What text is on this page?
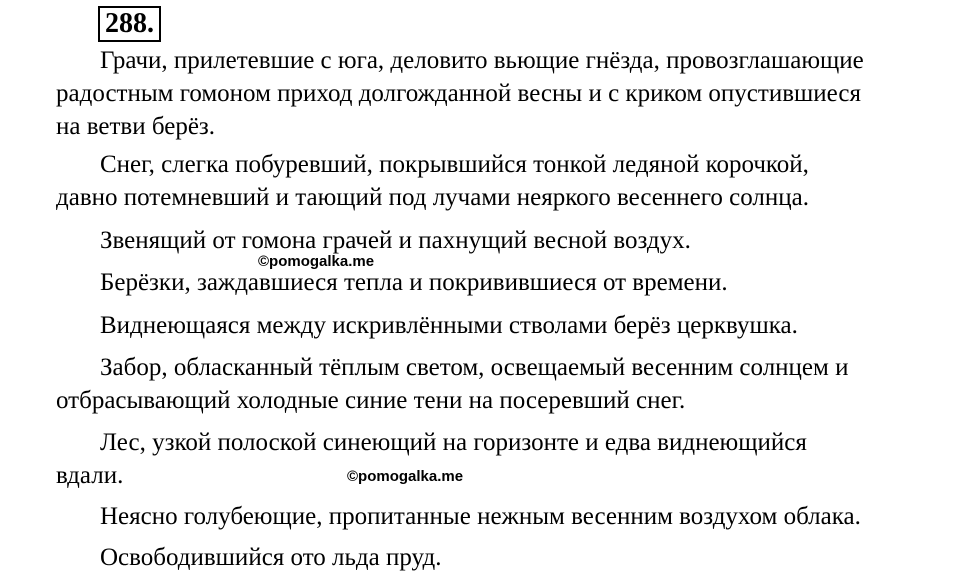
288.
Грачи, прилетевшие с юга, деловито вьющие гнёзда, провозглашающие
радостным гомоном приход долгожданной весны и с криком опустившиеся
на ветви берёз.
Снег, слегка побуревший, покрывшийся тонкой ледяной корочкой,
давно потемневший и тающий под лучами неяркого весеннего солнца.
Звенящий от гомона грачей и пахнущий весной воздух.
Берёзки, заждавшиеся тепла и покривившиеся от времени.
Виднеющаяся между искривлёнными стволами берёз церквушка.
Забор, обласканный тёплым светом, освещаемый весенним солнцем и
отбрасывающий холодные синие тени на посеревший снег.
Лес, узкой полоской синеющий на горизонте и едва виднеющийся
вдали.
Неясно голубеющие, пропитанные нежным весенним воздухом облака.
Освободившийся ото льда пруд.
©pomogalka.me
©pomogalka.me
